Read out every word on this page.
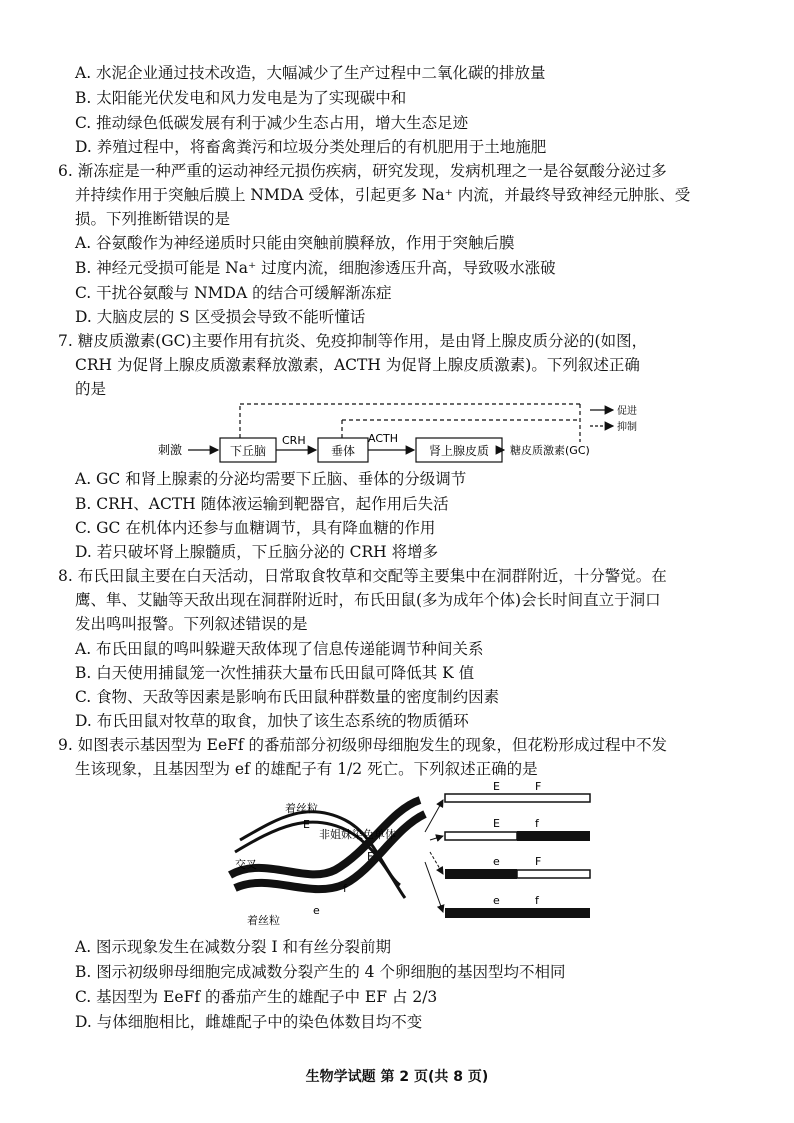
A. 水泥企业通过技术改造，大幅减少了生产过程中二氧化碳的排放量
B. 太阳能光伏发电和风力发电是为了实现碳中和
C. 推动绿色低碳发展有利于减少生态占用，增大生态足迹
D. 养殖过程中，将畜禽粪污和垃圾分类处理后的有机肥用于土地施肥
6. 渐冻症是一种严重的运动神经元损伤疾病，研究发现，发病机理之一是谷氨酸分泌过多
并持续作用于突触后膜上 NMDA 受体，引起更多 Na⁺ 内流，并最终导致神经元肿胀、受
损。下列推断错误的是
A. 谷氨酸作为神经递质时只能由突触前膜释放，作用于突触后膜
B. 神经元受损可能是 Na⁺ 过度内流，细胞渗透压升高，导致吸水涨破
C. 干扰谷氨酸与 NMDA 的结合可缓解渐冻症
D. 大脑皮层的 S 区受损会导致不能听懂话
7. 糖皮质激素(GC)主要作用有抗炎、免疫抑制等作用，是由肾上腺皮质分泌的(如图，
CRH 为促肾上腺皮质激素释放激素，ACTH 为促肾上腺皮质激素)。下列叙述正确
的是
促进
抑制
刺激	下丘脑
CRH
垂体
ACTH
肾上腺皮质 糖皮质激素(GC)
A. GC 和肾上腺素的分泌均需要下丘脑、垂体的分级调节
B. CRH、ACTH 随体液运输到靶器官，起作用后失活
C. GC 在机体内还参与血糖调节，具有降血糖的作用
D. 若只破坏肾上腺髓质，下丘脑分泌的 CRH 将增多
8. 布氏田鼠主要在白天活动，日常取食牧草和交配等主要集中在洞群附近，十分警觉。在
鹰、隼、艾鼬等天敌出现在洞群附近时，布氏田鼠(多为成年个体)会长时间直立于洞口
发出鸣叫报警。下列叙述错误的是
A. 布氏田鼠的鸣叫躲避天敌体现了信息传递能调节种间关系
B. 白天使用捕鼠笼一次性捕获大量布氏田鼠可降低其 K 值
C. 食物、天敌等因素是影响布氏田鼠种群数量的密度制约因素
D. 布氏田鼠对牧草的取食，加快了该生态系统的物质循环
9. 如图表示基因型为 EeFf 的番茄部分初级卵母细胞发生的现象，但花粉形成过程中不发
生该现象，且基因型为 ef 的雄配子有 1/2 死亡。下列叙述正确的是
E
F
f
e
着丝粒
非姐妹染色单体
交叉
着丝粒
E	F
E	f
e	F
e	f
A. 图示现象发生在减数分裂 I 和有丝分裂前期
B. 图示初级卵母细胞完成减数分裂产生的 4 个卵细胞的基因型均不相同
C. 基因型为 EeFf 的番茄产生的雄配子中 EF 占 2/3
D. 与体细胞相比，雌雄配子中的染色体数目均不变
生物学试题 第 2 页(共 8 页)
